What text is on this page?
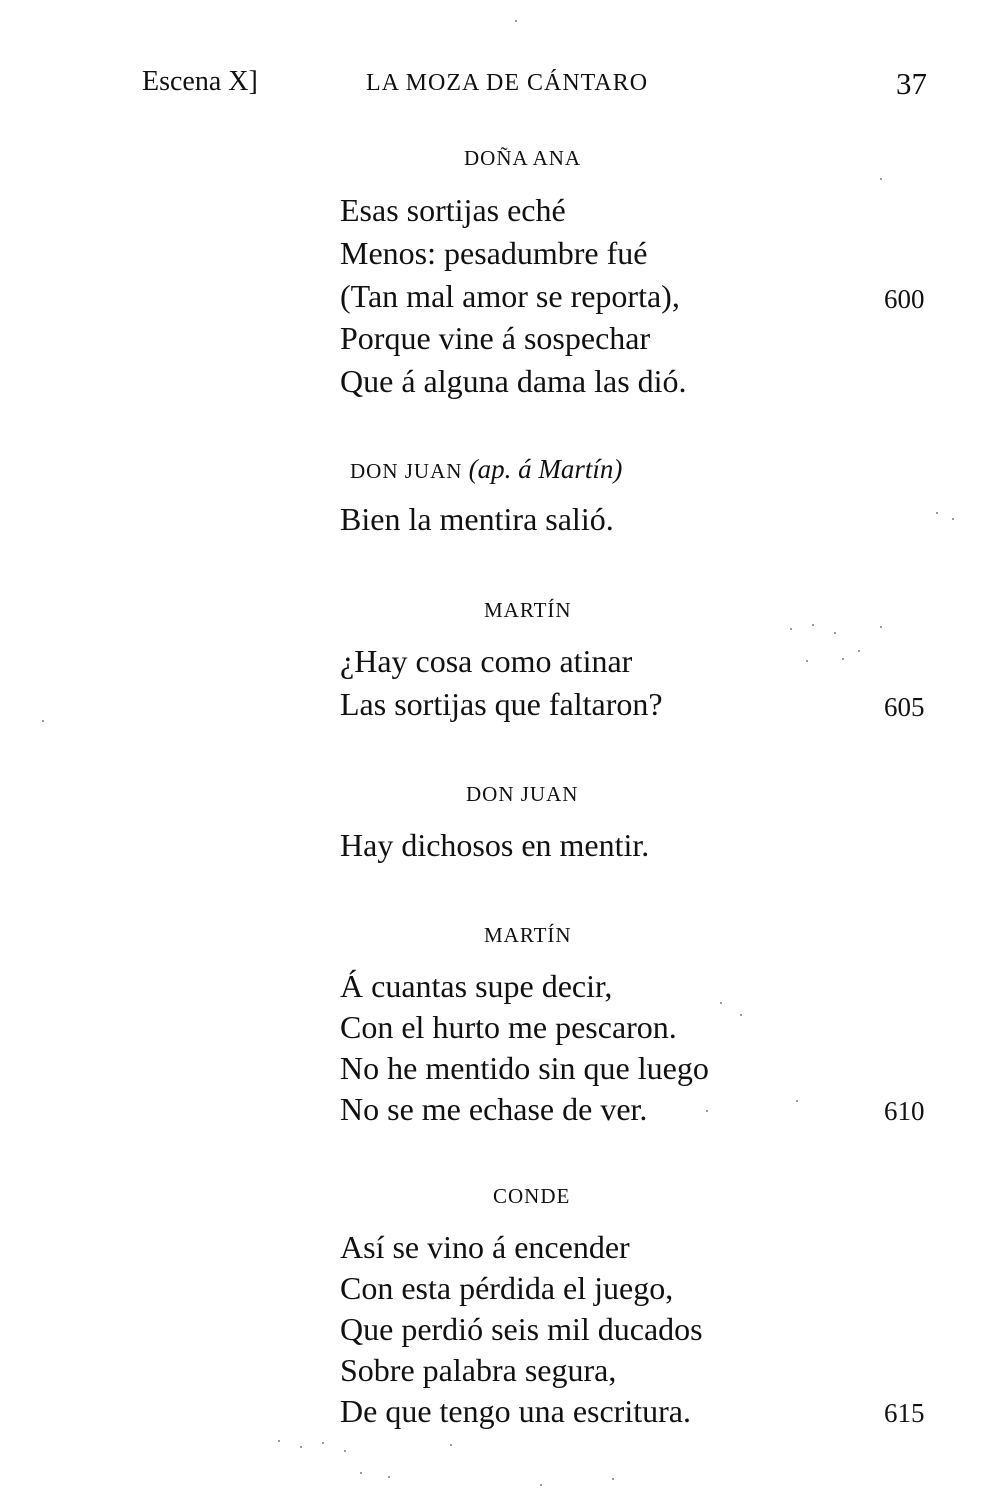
Escena X]	LA MOZA DE CÁNTARO	37
DOÑA ANA
Esas sortijas eché
Menos: pesadumbre fué
(Tan mal amor se reporta),	600
Porque vine á sospechar
Que á alguna dama las dió.
DON JUAN (ap. á Martín)
Bien la mentira salió.
MARTÍN
¿Hay cosa como atinar
Las sortijas que faltaron?	605
DON JUAN
Hay dichosos en mentir.
MARTÍN
Á cuantas supe decir,
Con el hurto me pescaron.
No he mentido sin que luego
No se me echase de ver.	610
CONDE
Así se vino á encender
Con esta pérdida el juego,
Que perdió seis mil ducados
Sobre palabra segura,
De que tengo una escritura.	615
